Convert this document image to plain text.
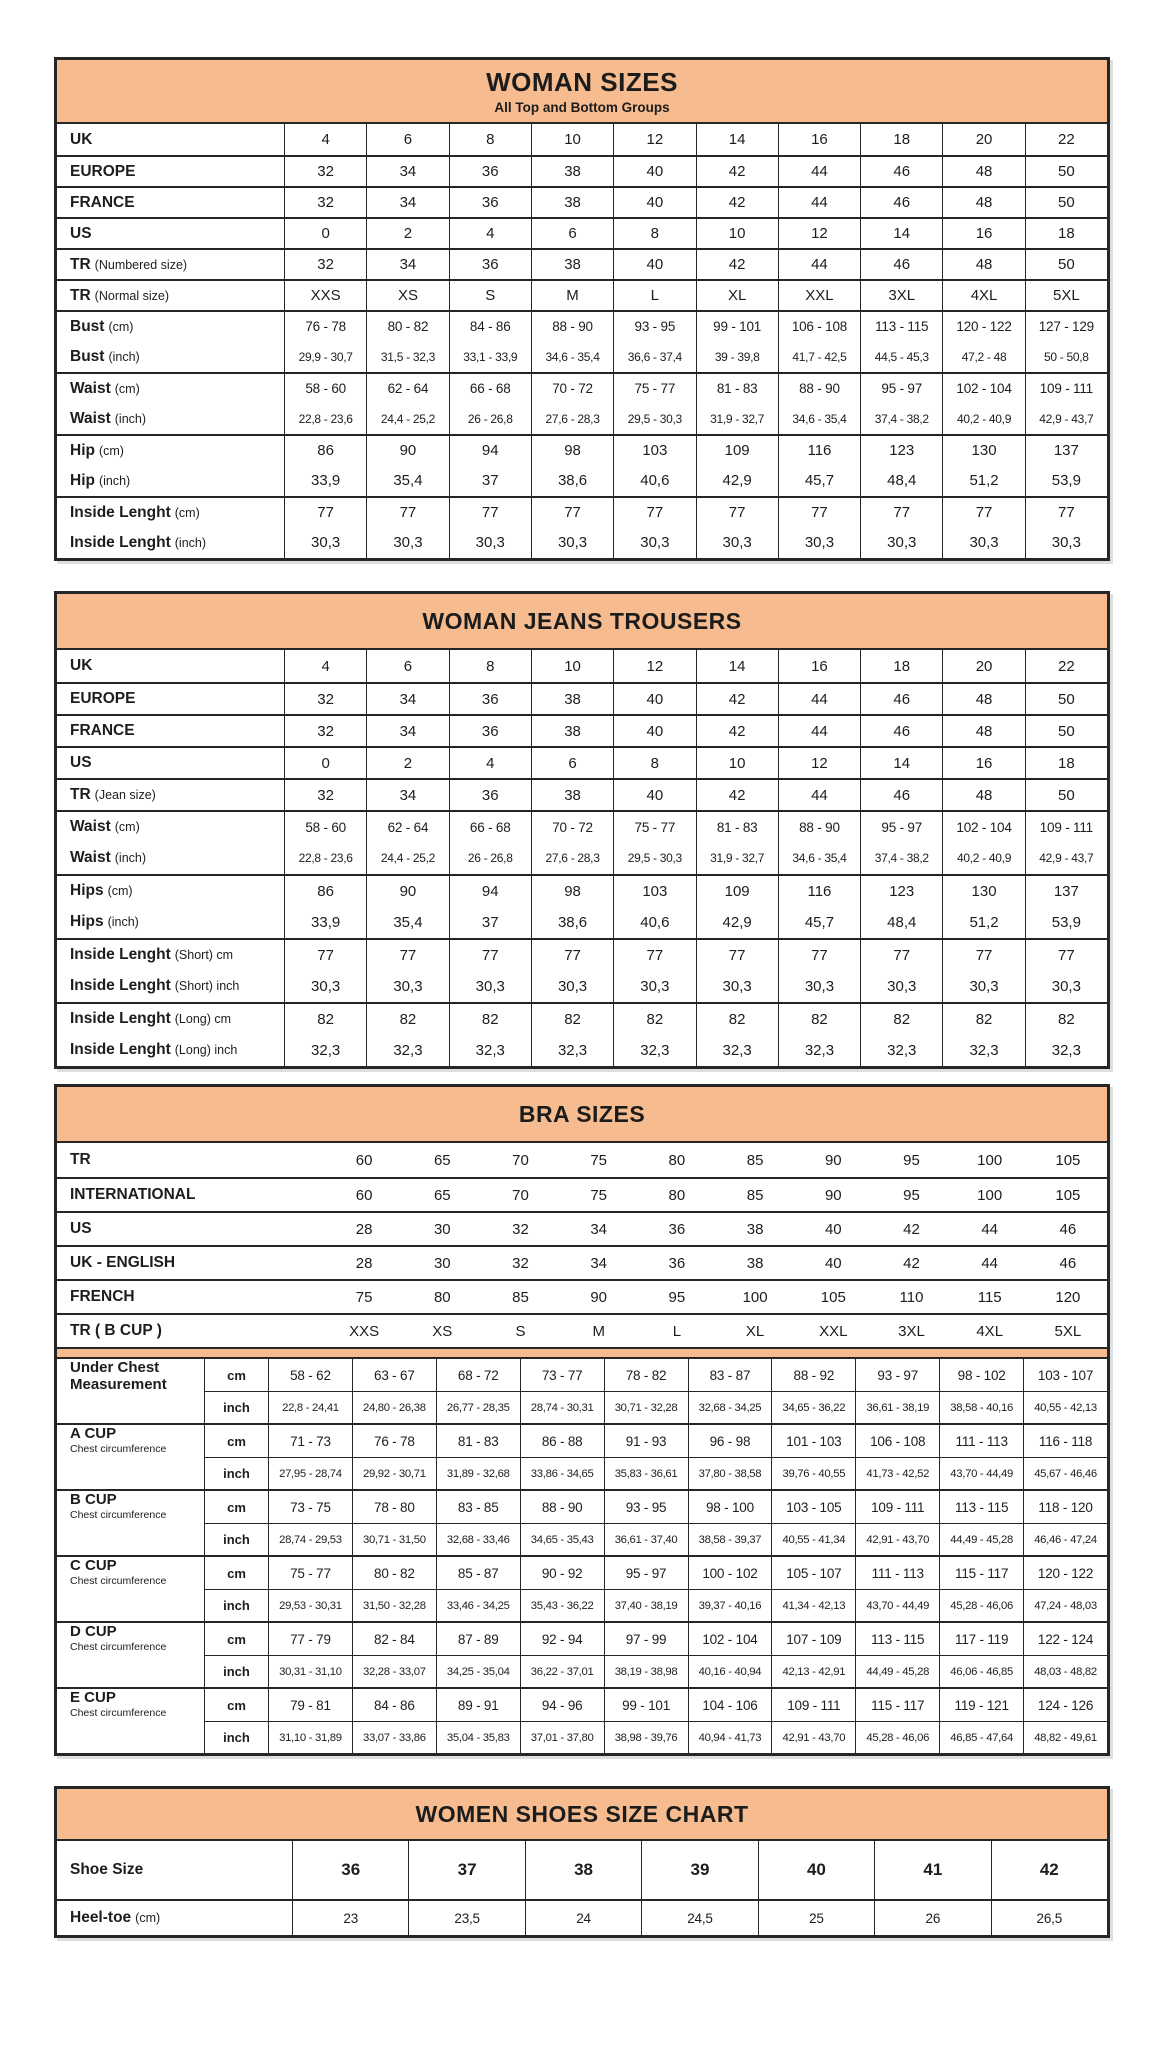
WOMAN SIZES
All Top and Bottom Groups
UK	4	6	8	10	12	14	16	18	20	22
EUROPE	32	34	36	38	40	42	44	46	48	50
FRANCE	32	34	36	38	40	42	44	46	48	50
US	0	2	4	6	8	10	12	14	16	18
TR (Numbered size)	32	34	36	38	40	42	44	46	48	50
TR (Normal size)	XXS	XS	S	M	L	XL	XXL	3XL	4XL	5XL
Bust (cm)	76 - 78	80 - 82	84 - 86	88 - 90	93 - 95	99 - 101	106 - 108	113 - 115	120 - 122	127 - 129
Bust (inch)	29,9 - 30,7	31,5 - 32,3	33,1 - 33,9	34,6 - 35,4	36,6 - 37,4	39 - 39,8	41,7 - 42,5	44,5 - 45,3	47,2 - 48	50 - 50,8
Waist (cm)	58 - 60	62 - 64	66 - 68	70 - 72	75 - 77	81 - 83	88 - 90	95 - 97	102 - 104	109 - 111
Waist (inch)	22,8 - 23,6	24,4 - 25,2	26 - 26,8	27,6 - 28,3	29,5 - 30,3	31,9 - 32,7	34,6 - 35,4	37,4 - 38,2	40,2 - 40,9	42,9 - 43,7
Hip (cm)	86	90	94	98	103	109	116	123	130	137
Hip (inch)	33,9	35,4	37	38,6	40,6	42,9	45,7	48,4	51,2	53,9
Inside Lenght (cm)	77	77	77	77	77	77	77	77	77	77
Inside Lenght (inch)	30,3	30,3	30,3	30,3	30,3	30,3	30,3	30,3	30,3	30,3
WOMAN JEANS TROUSERS
UK	4	6	8	10	12	14	16	18	20	22
EUROPE	32	34	36	38	40	42	44	46	48	50
FRANCE	32	34	36	38	40	42	44	46	48	50
US	0	2	4	6	8	10	12	14	16	18
TR (Jean size)	32	34	36	38	40	42	44	46	48	50
Waist (cm)	58 - 60	62 - 64	66 - 68	70 - 72	75 - 77	81 - 83	88 - 90	95 - 97	102 - 104	109 - 111
Waist (inch)	22,8 - 23,6	24,4 - 25,2	26 - 26,8	27,6 - 28,3	29,5 - 30,3	31,9 - 32,7	34,6 - 35,4	37,4 - 38,2	40,2 - 40,9	42,9 - 43,7
Hips (cm)	86	90	94	98	103	109	116	123	130	137
Hips (inch)	33,9	35,4	37	38,6	40,6	42,9	45,7	48,4	51,2	53,9
Inside Lenght (Short) cm	77	77	77	77	77	77	77	77	77	77
Inside Lenght (Short) inch	30,3	30,3	30,3	30,3	30,3	30,3	30,3	30,3	30,3	30,3
Inside Lenght (Long) cm	82	82	82	82	82	82	82	82	82	82
Inside Lenght (Long) inch	32,3	32,3	32,3	32,3	32,3	32,3	32,3	32,3	32,3	32,3
BRA SIZES
TR	60	65	70	75	80	85	90	95	100	105
INTERNATIONAL	60	65	70	75	80	85	90	95	100	105
US	28	30	32	34	36	38	40	42	44	46
UK - ENGLISH	28	30	32	34	36	38	40	42	44	46
FRENCH	75	80	85	90	95	100	105	110	115	120
TR ( B CUP )	XXS	XS	S	M	L	XL	XXL	3XL	4XL	5XL
Under Chest
Measurement
cm	58 - 62	63 - 67	68 - 72	73 - 77	78 - 82	83 - 87	88 - 92	93 - 97	98 - 102	103 - 107
inch	22,8 - 24,41	24,80 - 26,38	26,77 - 28,35	28,74 - 30,31	30,71 - 32,28	32,68 - 34,25	34,65 - 36,22	36,61 - 38,19	38,58 - 40,16	40,55 - 42,13
A CUP
Chest circumference
cm	71 - 73	76 - 78	81 - 83	86 - 88	91 - 93	96 - 98	101 - 103	106 - 108	111 - 113	116 - 118
inch	27,95 - 28,74	29,92 - 30,71	31,89 - 32,68	33,86 - 34,65	35,83 - 36,61	37,80 - 38,58	39,76 - 40,55	41,73 - 42,52	43,70 - 44,49	45,67 - 46,46
B CUP
Chest circumference
cm	73 - 75	78 - 80	83 - 85	88 - 90	93 - 95	98 - 100	103 - 105	109 - 111	113 - 115	118 - 120
inch	28,74 - 29,53	30,71 - 31,50	32,68 - 33,46	34,65 - 35,43	36,61 - 37,40	38,58 - 39,37	40,55 - 41,34	42,91 - 43,70	44,49 - 45,28	46,46 - 47,24
C CUP
Chest circumference
cm	75 - 77	80 - 82	85 - 87	90 - 92	95 - 97	100 - 102	105 - 107	111 - 113	115 - 117	120 - 122
inch	29,53 - 30,31	31,50 - 32,28	33,46 - 34,25	35,43 - 36,22	37,40 - 38,19	39,37 - 40,16	41,34 - 42,13	43,70 - 44,49	45,28 - 46,06	47,24 - 48,03
D CUP
Chest circumference
cm	77 - 79	82 - 84	87 - 89	92 - 94	97 - 99	102 - 104	107 - 109	113 - 115	117 - 119	122 - 124
inch	30,31 - 31,10	32,28 - 33,07	34,25 - 35,04	36,22 - 37,01	38,19 - 38,98	40,16 - 40,94	42,13 - 42,91	44,49 - 45,28	46,06 - 46,85	48,03 - 48,82
E CUP
Chest circumference
cm	79 - 81	84 - 86	89 - 91	94 - 96	99 - 101	104 - 106	109 - 111	115 - 117	119 - 121	124 - 126
inch	31,10 - 31,89	33,07 - 33,86	35,04 - 35,83	37,01 - 37,80	38,98 - 39,76	40,94 - 41,73	42,91 - 43,70	45,28 - 46,06	46,85 - 47,64	48,82 - 49,61
WOMEN SHOES SIZE CHART
Shoe Size	36	37	38	39	40	41	42
Heel-toe (cm)	23	23,5	24	24,5	25	26	26,5
